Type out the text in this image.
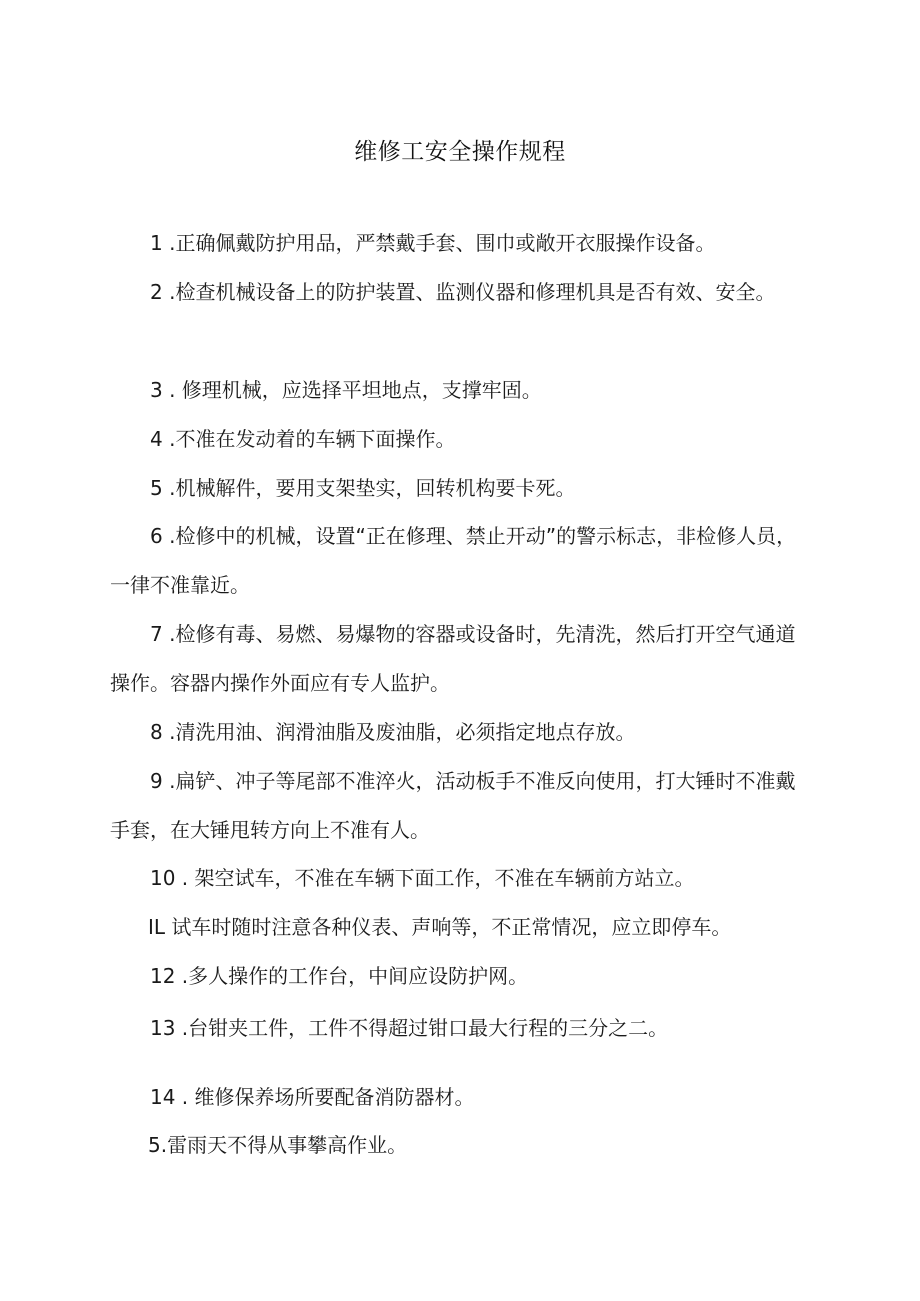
维修工安全操作规程

1 .正确佩戴防护用品，严禁戴手套、围巾或敞开衣服操作设备。

2 .检查机械设备上的防护装置、监测仪器和修理机具是否有效、安全。

3 . 修理机械，应选择平坦地点，支撑牢固。

4 .不准在发动着的车辆下面操作。

5 .机械解件，要用支架垫实，回转机构要卡死。

6 .检修中的机械，设置“正在修理、禁止开动”的警示标志，非检修人员，一律不准靠近。

7 .检修有毒、易燃、易爆物的容器或设备时，先清洗，然后打开空气通道操作。容器内操作外面应有专人监护。

8 .清洗用油、润滑油脂及废油脂，必须指定地点存放。

9 .扁铲、冲子等尾部不准淬火，活动板手不准反向使用，打大锤时不准戴手套，在大锤甩转方向上不准有人。

10 . 架空试车，不准在车辆下面工作，不准在车辆前方站立。

IL 试车时随时注意各种仪表、声响等，不正常情况，应立即停车。

12 .多人操作的工作台，中间应设防护网。

13 .台钳夹工件，工件不得超过钳口最大行程的三分之二。

14 . 维修保养场所要配备消防器材。

5.雷雨天不得从事攀高作业。
